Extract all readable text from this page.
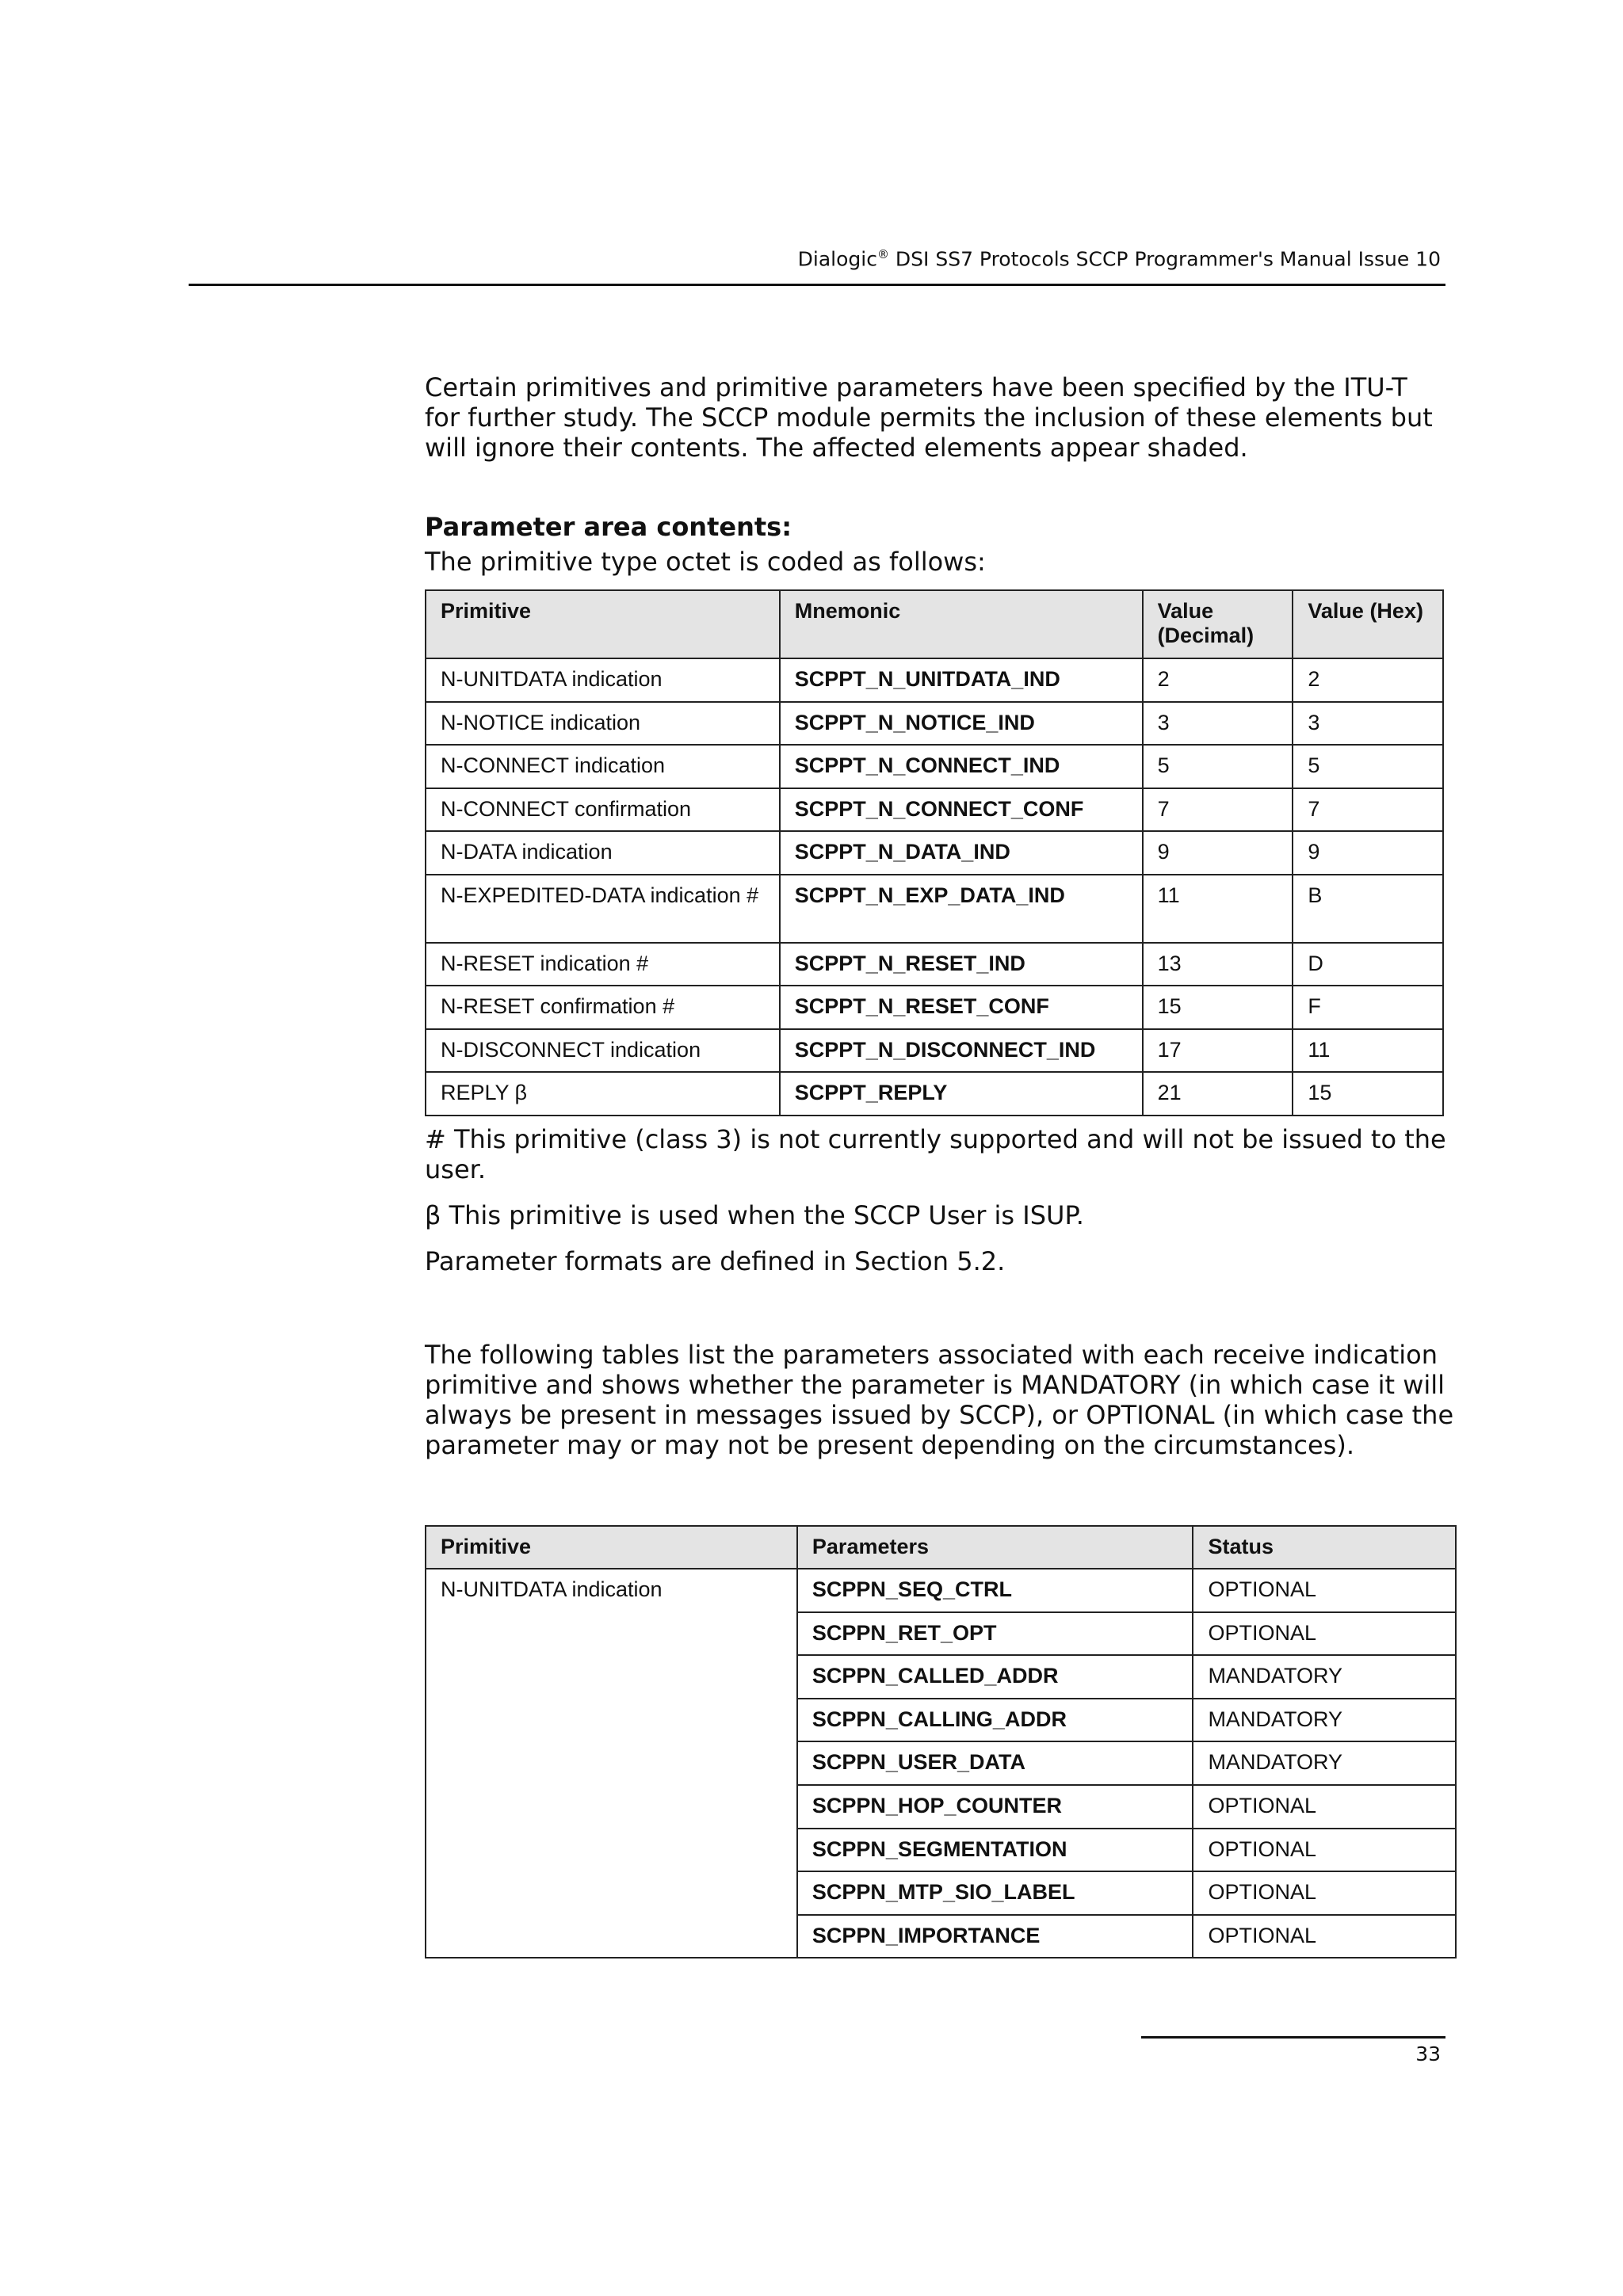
Dialogic® DSI SS7 Protocols SCCP Programmer's Manual Issue 10

Certain primitives and primitive parameters have been specified by the ITU-T for further study. The SCCP module permits the inclusion of these elements but will ignore their contents. The affected elements appear shaded.

Parameter area contents:

The primitive type octet is coded as follows:

Primitive	Mnemonic	Value (Decimal)	Value (Hex)
N-UNITDATA indication	SCPPT_N_UNITDATA_IND	2	2
N-NOTICE indication	SCPPT_N_NOTICE_IND	3	3
N-CONNECT indication	SCPPT_N_CONNECT_IND	5	5
N-CONNECT confirmation	SCPPT_N_CONNECT_CONF	7	7
N-DATA indication	SCPPT_N_DATA_IND	9	9
N-EXPEDITED-DATA indication #	SCPPT_N_EXP_DATA_IND	11	B
N-RESET indication #	SCPPT_N_RESET_IND	13	D
N-RESET confirmation #	SCPPT_N_RESET_CONF	15	F
N-DISCONNECT indication	SCPPT_N_DISCONNECT_IND	17	11
REPLY β	SCPPT_REPLY	21	15

# This primitive (class 3) is not currently supported and will not be issued to the user.

β This primitive is used when the SCCP User is ISUP.

Parameter formats are defined in Section 5.2.

The following tables list the parameters associated with each receive indication primitive and shows whether the parameter is MANDATORY (in which case it will always be present in messages issued by SCCP), or OPTIONAL (in which case the parameter may or may not be present depending on the circumstances).

Primitive	Parameters	Status
N-UNITDATA indication	SCPPN_SEQ_CTRL	OPTIONAL
	SCPPN_RET_OPT	OPTIONAL
	SCPPN_CALLED_ADDR	MANDATORY
	SCPPN_CALLING_ADDR	MANDATORY
	SCPPN_USER_DATA	MANDATORY
	SCPPN_HOP_COUNTER	OPTIONAL
	SCPPN_SEGMENTATION	OPTIONAL
	SCPPN_MTP_SIO_LABEL	OPTIONAL
	SCPPN_IMPORTANCE	OPTIONAL
33
